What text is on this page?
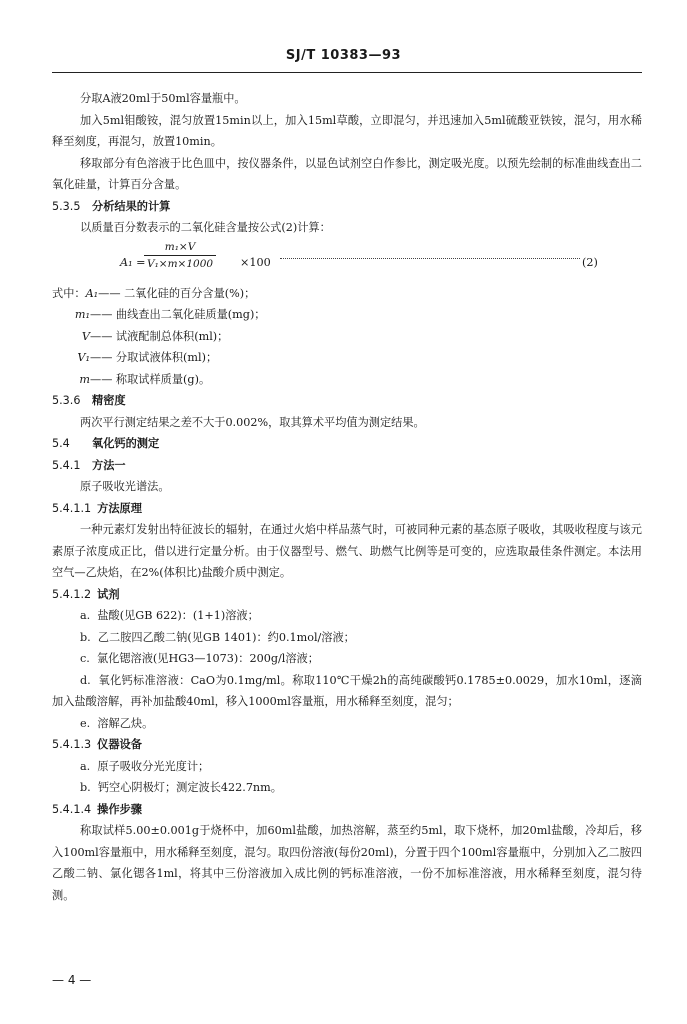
SJ/T 10383—93

分取A液20ml于50ml容量瓶中。

加入5ml钼酸铵，混匀放置15min以上，加入15ml草酸，立即混匀，并迅速加入5ml硫酸亚铁铵，混匀，用水稀释至刻度，再混匀，放置10min。

移取部分有色溶液于比色皿中，按仪器条件，以显色试剂空白作参比，测定吸光度。以预先绘制的标准曲线查出二氧化硅量，计算百分含量。

5.3.5 分析结果的计算

以质量百分数表示的二氧化硅含量按公式(2)计算：

A₁ =
$\frac{\text{m₁×V}}{\text{V₁×m×1000}} \times 100$	(2)

式中：A₁—— 二氧化硅的百分含量(%)；

m₁—— 曲线查出二氧化硅质量(mg)；

V—— 试液配制总体积(ml)；

V₁—— 分取试液体积(ml)；

m—— 称取试样质量(g)。

5.3.6 精密度

两次平行测定结果之差不大于0.002%，取其算术平均值为测定结果。

5.4 氧化钙的测定

5.4.1 方法一

原子吸收光谱法。

5.4.1.1 方法原理

一种元素灯发射出特征波长的辐射，在通过火焰中样品蒸气时，可被同种元素的基态原子吸收，其吸收程度与该元素原子浓度成正比，借以进行定量分析。由于仪器型号、燃气、助燃气比例等是可变的，应选取最佳条件测定。本法用空气—乙炔焰，在2%(体积比)盐酸介质中测定。

5.4.1.2 试剂

a. 盐酸(见GB 622)：(1+1)溶液；

b. 乙二胺四乙酸二钠(见GB 1401)：约0.1mol/溶液；

c. 氯化锶溶液(见HG3—1073)：200g/l溶液；

d. 氧化钙标准溶液：CaO为0.1mg/ml。称取110℃干燥2h的高纯碳酸钙0.1785±0.0029，加水10ml，逐滴加入盐酸溶解，再补加盐酸40ml，移入1000ml容量瓶，用水稀释至刻度，混匀；

e. 溶解乙炔。

5.4.1.3 仪器设备

a. 原子吸收分光光度计；

b. 钙空心阴极灯；测定波长422.7nm。

5.4.1.4 操作步骤

称取试样5.00±0.001g于烧杯中，加60ml盐酸，加热溶解，蒸至约5ml，取下烧杯，加20ml盐酸，冷却后，移入100ml容量瓶中，用水稀释至刻度，混匀。取四份溶液(每份20ml)，分置于四个100ml容量瓶中，分别加入乙二胺四乙酸二钠、氯化锶各1ml，将其中三份溶液加入成比例的钙标准溶液，一份不加标准溶液，用水稀释至刻度，混匀待测。

— 4 —
